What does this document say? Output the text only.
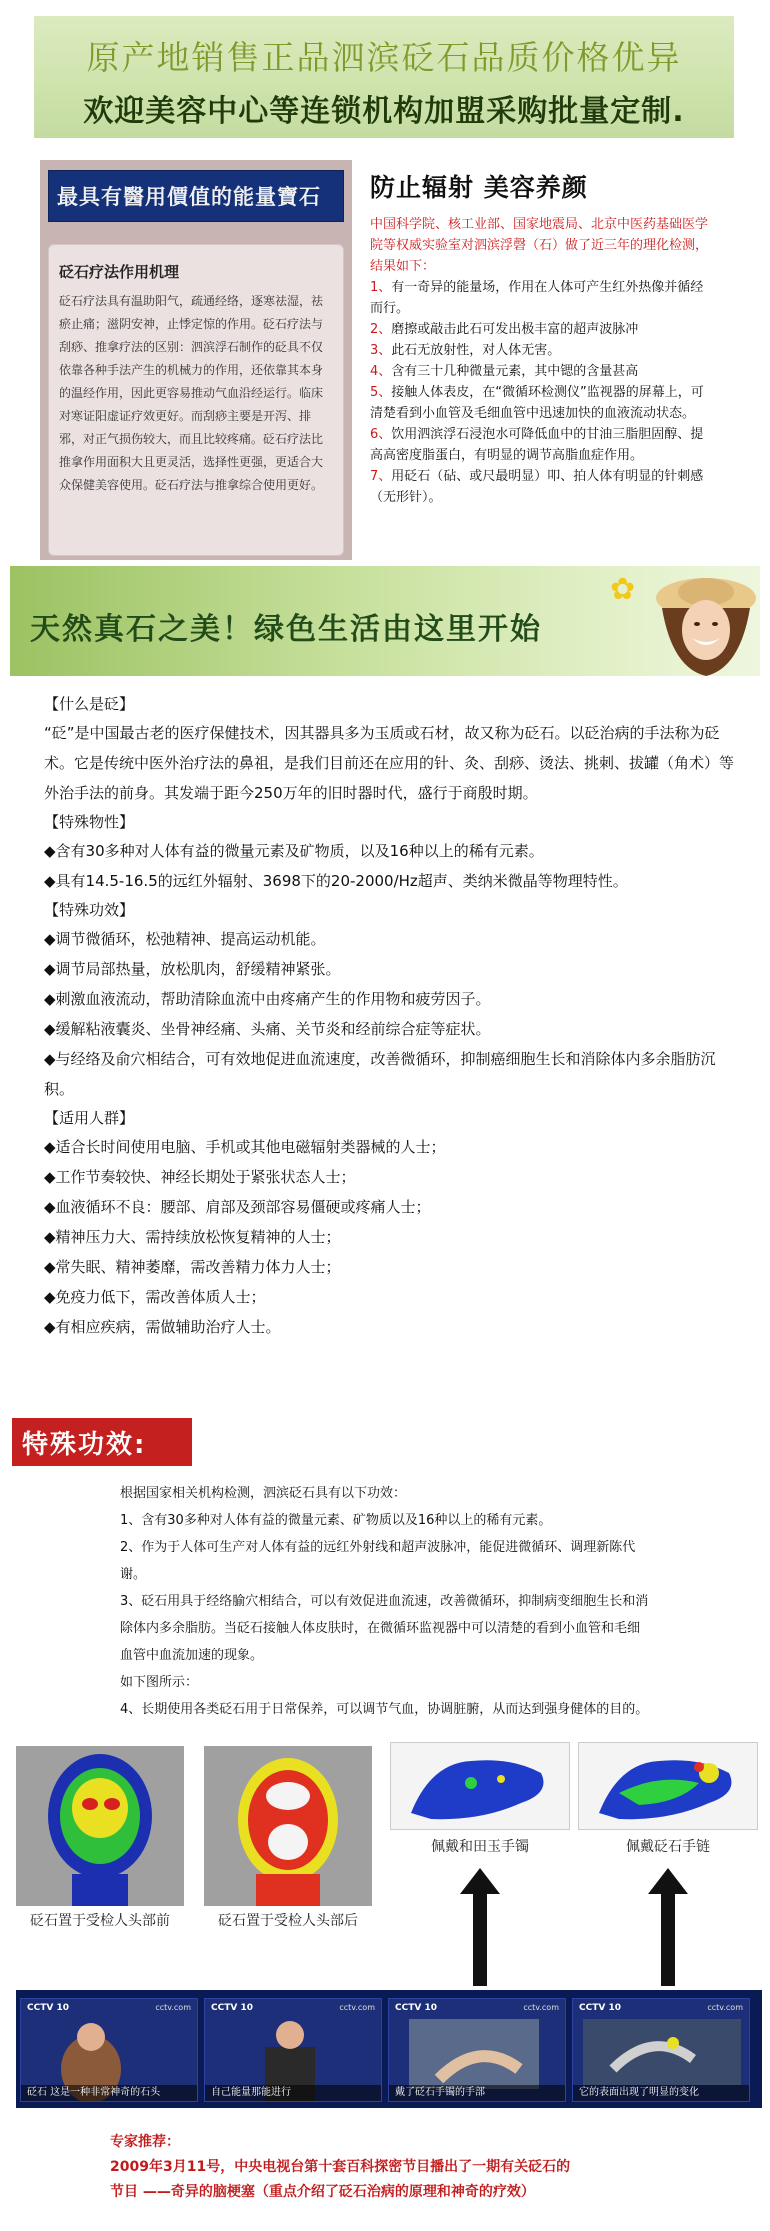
原产地销售正品泗滨砭石品质价格优异
欢迎美容中心等连锁机构加盟采购批量定制.
最具有醫用價值的能量寶石
砭石疗法作用机理
砭石疗法具有温助阳气，疏通经络，逐寒祛湿，祛瘀止痛；滋阴安神，止悸定惊的作用。砭石疗法与刮痧、推拿疗法的区别：泗滨浮石制作的砭具不仅依靠各种手法产生的机械力的作用，还依靠其本身的温经作用，因此更容易推动气血沿经运行。临床对寒证阳虚证疗效更好。而刮痧主要是开泻、排邪，对正气损伤较大，而且比较疼痛。砭石疗法比推拿作用面积大且更灵活，选择性更强，更适合大众保健美容使用。砭石疗法与推拿综合使用更好。
防止辐射 美容养颜

中国科学院、核工业部、国家地震局、北京中医药基础医学院等权威实验室对泗滨浮磬（石）做了近三年的理化检测，结果如下：

1、有一奇异的能量场，作用在人体可产生红外热像并循经而行。

2、磨擦或敲击此石可发出极丰富的超声波脉冲

3、此石无放射性，对人体无害。

4、含有三十几种微量元素，其中锶的含量甚高

5、接触人体表皮，在“微循环检测仪”监视器的屏幕上，可清楚看到小血管及毛细血管中迅速加快的血液流动状态。

6、饮用泗滨浮石浸泡水可降低血中的甘油三脂胆固醇、提高高密度脂蛋白，有明显的调节高脂血症作用。

7、用砭石（砧、或尺最明显）叩、拍人体有明显的针刺感（无形针）。

天然真石之美！绿色生活由这里开始
✿
【什么是砭】
“砭”是中国最古老的医疗保健技术，因其器具多为玉质或石材，故又称为砭石。以砭治病的手法称为砭术。它是传统中医外治疗法的鼻祖，是我们目前还在应用的针、灸、刮痧、烫法、挑刺、拔罐（角术）等外治手法的前身。其发端于距今250万年的旧时器时代，盛行于商殷时期。
【特殊物性】
◆含有30多种对人体有益的微量元素及矿物质，以及16种以上的稀有元素。
◆具有14.5-16.5的远红外辐射、3698下的20-2000/Hz超声、类纳米微晶等物理特性。
【特殊功效】
◆调节微循环，松弛精神、提高运动机能。
◆调节局部热量，放松肌肉，舒缓精神紧张。
◆刺激血液流动，帮助清除血流中由疼痛产生的作用物和疲劳因子。
◆缓解粘液囊炎、坐骨神经痛、头痛、关节炎和经前综合症等症状。
◆与经络及俞穴相结合，可有效地促进血流速度，改善微循环，抑制癌细胞生长和消除体内多余脂肪沉积。
【适用人群】
◆适合长时间使用电脑、手机或其他电磁辐射类器械的人士；
◆工作节奏较快、神经长期处于紧张状态人士；
◆血液循环不良：腰部、肩部及颈部容易僵硬或疼痛人士；
◆精神压力大、需持续放松恢复精神的人士；
◆常失眠、精神萎靡，需改善精力体力人士；
◆免疫力低下，需改善体质人士；
◆有相应疾病，需做辅助治疗人士。
特殊功效:
根据国家相关机构检测，泗滨砭石具有以下功效：
1、含有30多种对人体有益的微量元素、矿物质以及16种以上的稀有元素。
2、作为于人体可生产对人体有益的远红外射线和超声波脉冲，能促进微循环、调理新陈代谢。
3、砭石用具于经络腧穴相结合，可以有效促进血流速，改善微循环，抑制病变细胞生长和消除体内多余脂肪。当砭石接触人体皮肤时，在微循环监视器中可以清楚的看到小血管和毛细血管中血流加速的现象。
如下图所示：
4、长期使用各类砭石用于日常保养，可以调节气血，协调脏腑，从而达到强身健体的目的。
砭石置于受检人头部前	砭石置于受检人头部后
佩戴和田玉手镯	佩戴砭石手链
CCTV 10	cctv.com
砭石 这是一种非常神奇的石头
CCTV 10	cctv.com
自己能量那能进行
CCTV 10	cctv.com
戴了砭石手镯的手部
CCTV 10	cctv.com
它的表面出现了明显的变化
专家推荐：
2009年3月11号，中央电视台第十套百科探密节目播出了一期有关砭石的
节目 ——奇异的脑梗塞（重点介绍了砭石治病的原理和神奇的疗效）
